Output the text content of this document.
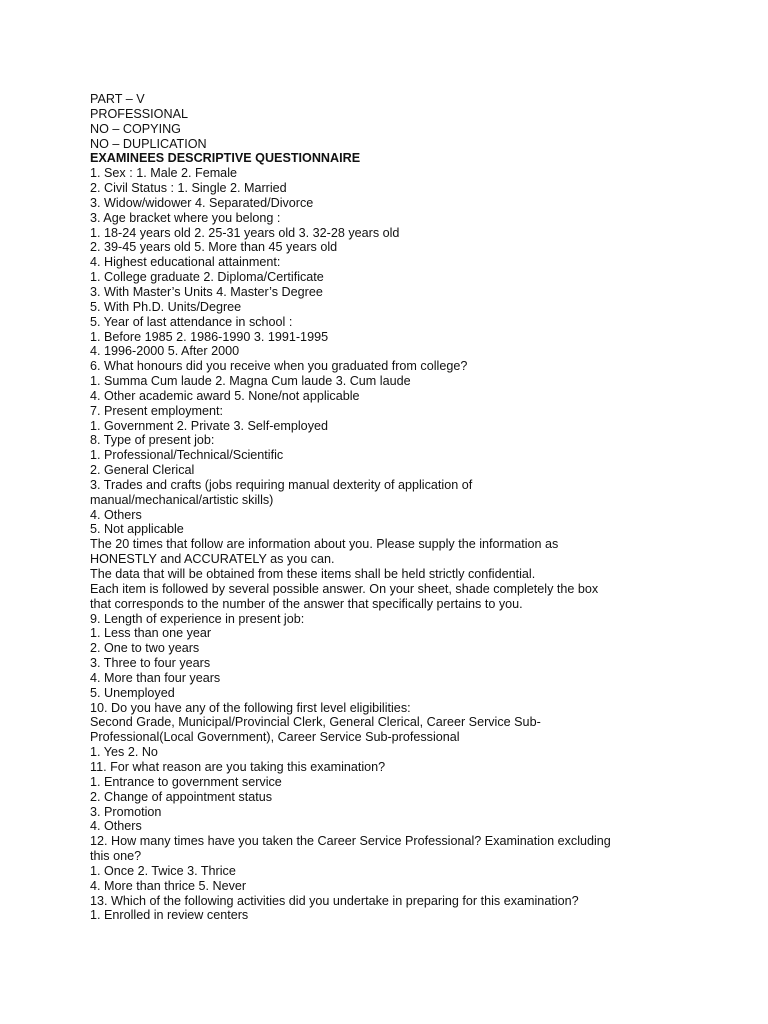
PART – V
PROFESSIONAL
NO – COPYING
NO – DUPLICATION
EXAMINEES DESCRIPTIVE QUESTIONNAIRE
1. Sex : 1. Male 2. Female
2. Civil Status : 1. Single 2. Married
3. Widow/widower 4. Separated/Divorce
3. Age bracket where you belong :
1. 18-24 years old 2. 25-31 years old 3. 32-28 years old
2. 39-45 years old 5. More than 45 years old
4. Highest educational attainment:
1. College graduate 2. Diploma/Certificate
3. With Master’s Units 4. Master’s Degree
5. With Ph.D. Units/Degree
5. Year of last attendance in school :
1. Before 1985 2. 1986-1990 3. 1991-1995
4. 1996-2000 5. After 2000
6. What honours did you receive when you graduated from college?
1. Summa Cum laude 2. Magna Cum laude 3. Cum laude
4. Other academic award 5. None/not applicable
7. Present employment:
1. Government 2. Private 3. Self-employed
8. Type of present job:
1. Professional/Technical/Scientific
2. General Clerical
3. Trades and crafts (jobs requiring manual dexterity of application of
manual/mechanical/artistic skills)
4. Others
5. Not applicable
The 20 times that follow are information about you. Please supply the information as
HONESTLY and ACCURATELY as you can.
The data that will be obtained from these items shall be held strictly confidential.
Each item is followed by several possible answer. On your sheet, shade completely the box
that corresponds to the number of the answer that specifically pertains to you.
9. Length of experience in present job:
1. Less than one year
2. One to two years
3. Three to four years
4. More than four years
5. Unemployed
10. Do you have any of the following first level eligibilities:
Second Grade, Municipal/Provincial Clerk, General Clerical, Career Service Sub-
Professional(Local Government), Career Service Sub-professional
1. Yes 2. No
11. For what reason are you taking this examination?
1. Entrance to government service
2. Change of appointment status
3. Promotion
4. Others
12. How many times have you taken the Career Service Professional? Examination excluding
this one?
1. Once 2. Twice 3. Thrice
4. More than thrice 5. Never
13. Which of the following activities did you undertake in preparing for this examination?
1. Enrolled in review centers
